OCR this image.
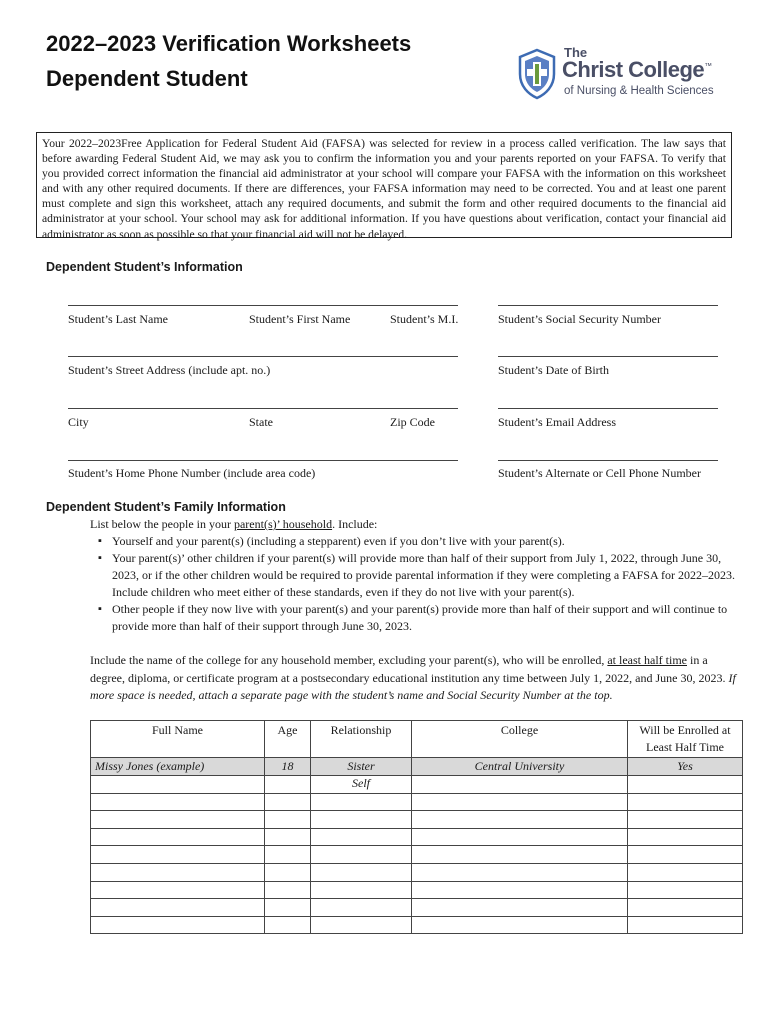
2022–2023 Verification Worksheets
Dependent Student
The
Christ College™
of Nursing & Health Sciences
Your 2022–2023Free Application for Federal Student Aid (FAFSA) was selected for review in a process called verification. The law says that before awarding Federal Student Aid, we may ask you to confirm the information you and your parents reported on your FAFSA. To verify that you provided correct information the financial aid administrator at your school will compare your FAFSA with the information on this worksheet and with any other required documents. If there are differences, your FAFSA information may need to be corrected. You and at least one parent must complete and sign this worksheet, attach any required documents, and submit the form and other required documents to the financial aid administrator at your school. Your school may ask for additional information. If you have questions about verification, contact your financial aid administrator as soon as possible so that your financial aid will not be delayed.
Dependent Student’s Information
Student’s Last Name	Student’s First Name	Student’s M.I.	Student’s Social Security Number
Student’s Street Address (include apt. no.)	Student’s Date of Birth
City	State	Zip Code	Student’s Email Address
Student’s Home Phone Number (include area code)	Student’s Alternate or Cell Phone Number
Dependent Student’s Family Information
List below the people in your parent(s)’ household. Include:
▪ Yourself and your parent(s) (including a stepparent) even if you don’t live with your parent(s).
▪ Your parent(s)’ other children if your parent(s) will provide more than half of their support from July 1, 2022, through June 30, 2023, or if the other children would be required to provide parental information if they were completing a FAFSA for 2022–2023. Include children who meet either of these standards, even if they do not live with your parent(s).
▪ Other people if they now live with your parent(s) and your parent(s) provide more than half of their support and will continue to provide more than half of their support through June 30, 2023.
Include the name of the college for any household member, excluding your parent(s), who will be enrolled, at least half time in a degree, diploma, or certificate program at a postsecondary educational institution any time between July 1, 2022, and June 30, 2023. If more space is needed, attach a separate page with the student’s name and Social Security Number at the top.
Full Name	Age	Relationship	College	Will be Enrolled at Least Half Time
Missy Jones (example)	18	Sister	Central University	Yes
		Self		
